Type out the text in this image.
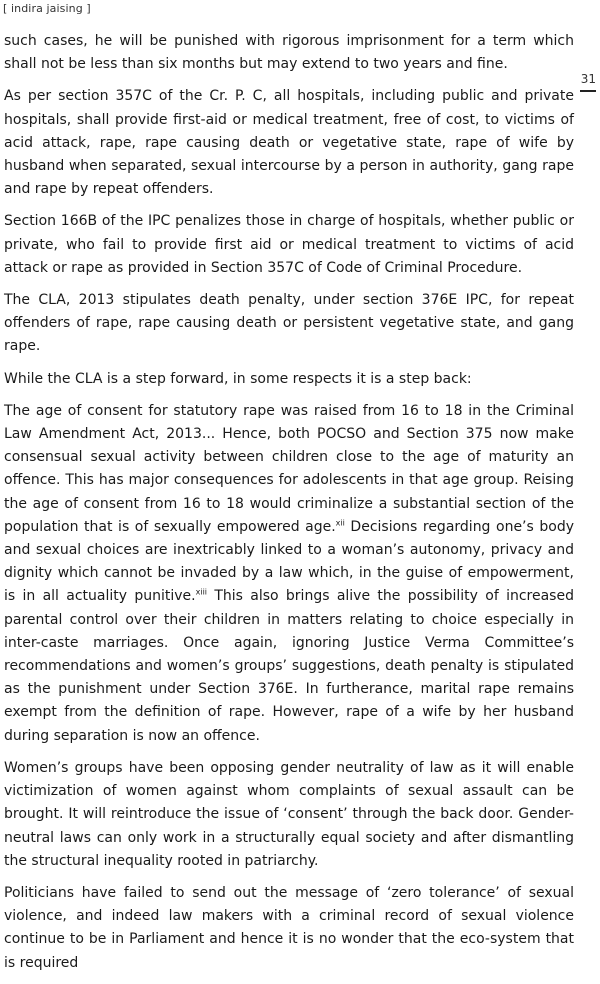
[ indira jaising ]
31

such cases, he will be punished with rigorous imprisonment for a term which shall not be less than six months but may extend to two years and fine.

As per section 357C of the Cr. P. C, all hospitals, including public and private hospitals, shall provide first-aid or medical treatment, free of cost, to victims of acid attack, rape, rape causing death or vegetative state, rape of wife by husband when separated, sexual intercourse by a person in authority, gang rape and rape by repeat offenders.

Section 166B of the IPC penalizes those in charge of hospitals, whether public or private, who fail to provide first aid or medical treatment to victims of acid attack or rape as provided in Section 357C of Code of Criminal Procedure.

The CLA, 2013 stipulates death penalty, under section 376E IPC, for repeat offenders of rape, rape causing death or persistent vegetative state, and gang rape.

While the CLA is a step forward, in some respects it is a step back:

The age of consent for statutory rape was raised from 16 to 18 in the Criminal Law Amendment Act, 2013... Hence, both POCSO and Section 375 now make consensual sexual activity between children close to the age of maturity an offence. This has major consequences for adolescents in that age group. Reising the age of consent from 16 to 18 would criminalize a substantial section of the population that is of sexually empowered age.$^{xii}$ Decisions regarding one’s body and sexual choices are inextricably linked to a woman’s autonomy, privacy and dignity which cannot be invaded by a law which, in the guise of empowerment, is in all actuality punitive.$^{xiii}$ This also brings alive the possibility of increased parental control over their children in matters relating to choice especially in inter-caste marriages. Once again, ignoring Justice Verma Committee’s recommendations and women’s groups’ suggestions, death penalty is stipulated as the punishment under Section 376E. In furtherance, marital rape remains exempt from the definition of rape. However, rape of a wife by her husband during separation is now an offence.

Women’s groups have been opposing gender neutrality of law as it will enable victimization of women against whom complaints of sexual assault can be brought. It will reintroduce the issue of ‘consent’ through the back door. Gender-neutral laws can only work in a structurally equal society and after dismantling the structural inequality rooted in patriarchy.

Politicians have failed to send out the message of ‘zero tolerance’ of sexual violence, and indeed law makers with a criminal record of sexual violence continue to be in Parliament and hence it is no wonder that the eco-system that is required
